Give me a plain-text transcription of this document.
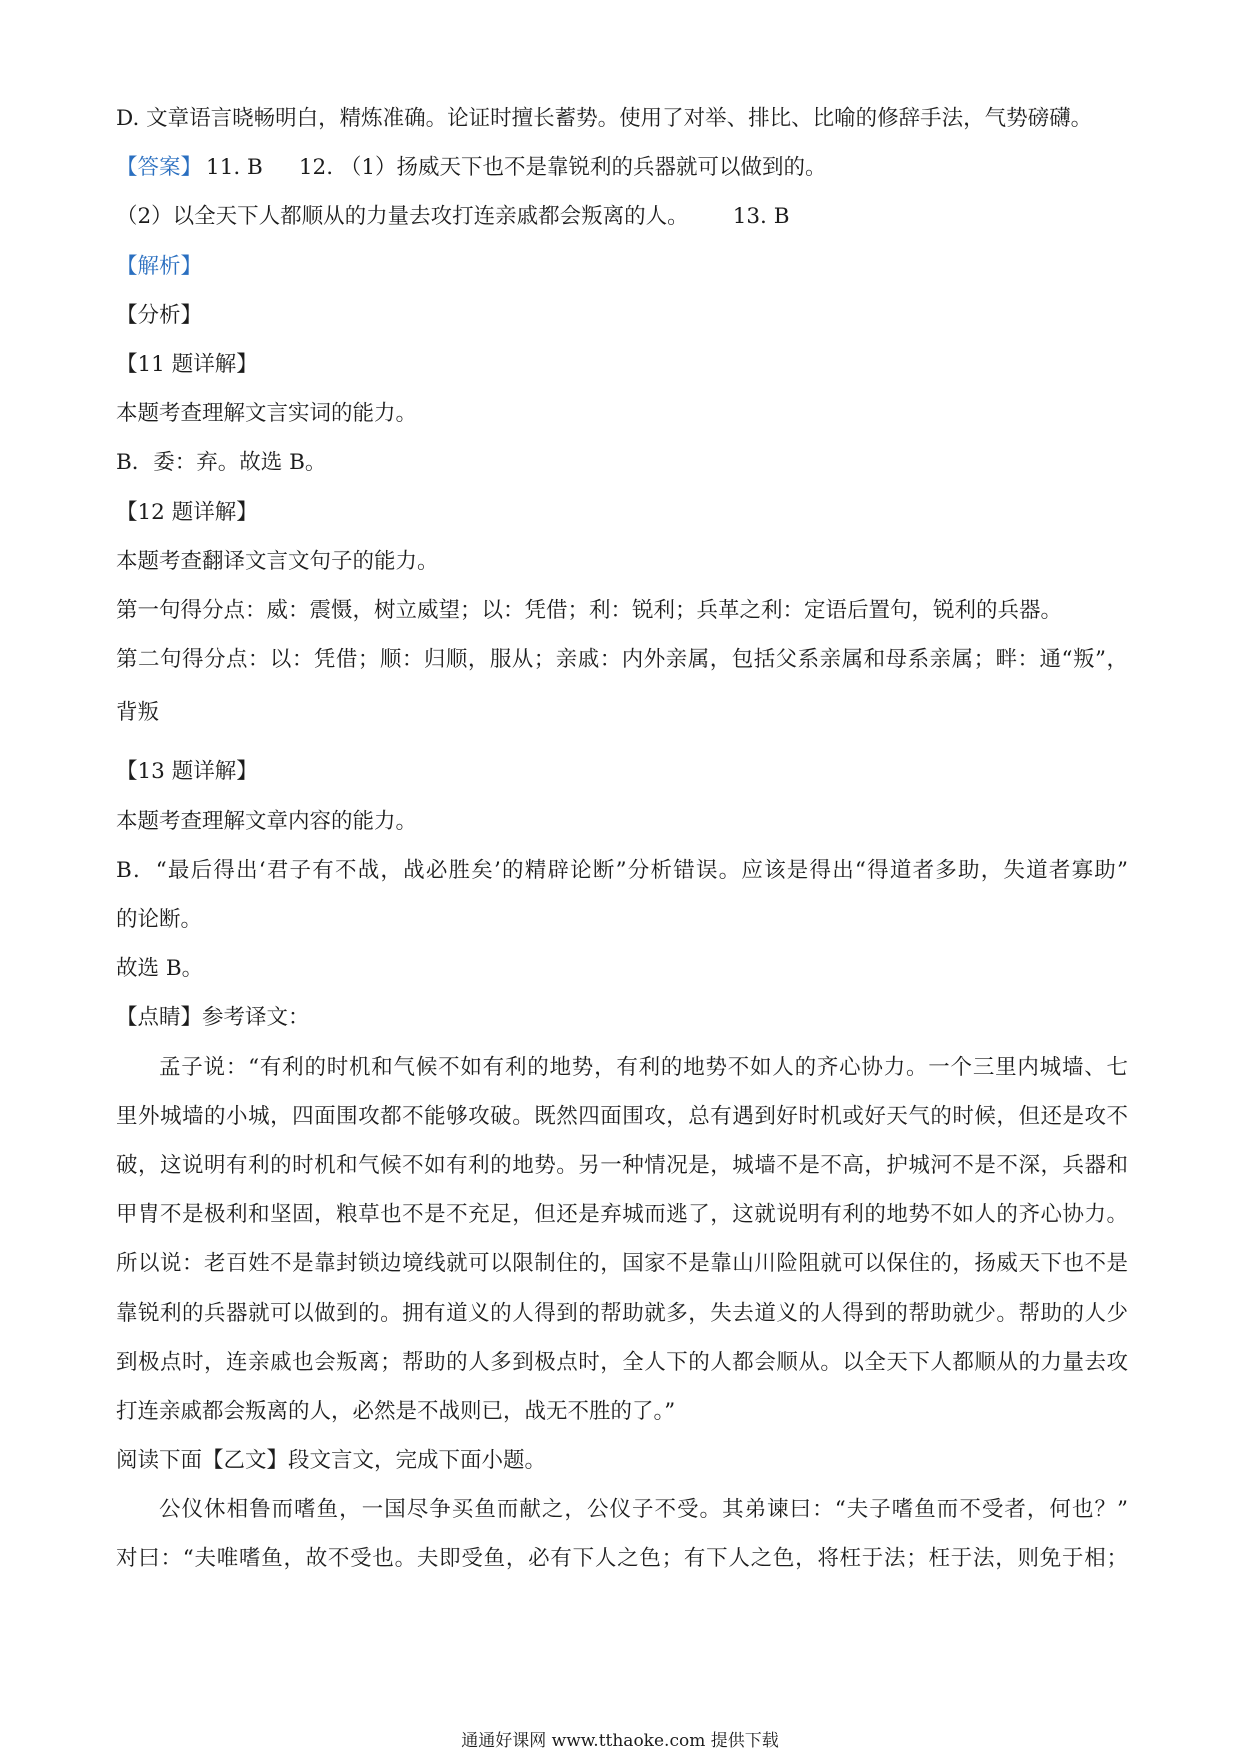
D. 文章语言晓畅明白，精炼准确。论证时擅长蓄势。使用了对举、排比、比喻的修辞手法，气势磅礴。
【答案】 11. B 12. （1）扬威天下也不是靠锐利的兵器就可以做到的。
（2）以全天下人都顺从的力量去攻打连亲戚都会叛离的人。 13. B
【解析】
【分析】
【11 题详解】
本题考查理解文言实词的能力。
B．委：弃。故选 B。
【12 题详解】
本题考查翻译文言文句子的能力。
第一句得分点：威：震慑，树立威望；以：凭借；利：锐利；兵革之利：定语后置句，锐利的兵器。
第二句得分点：以：凭借；顺：归顺，服从；亲戚：内外亲属，包括父系亲属和母系亲属；畔：通“叛”，
背叛
【13 题详解】
本题考查理解文章内容的能力。
B．“最后得出‘君子有不战，战必胜矣’的精辟论断”分析错误。应该是得出“得道者多助，失道者寡助”
的论断。
故选 B。
【点睛】参考译文：
孟子说：“有利的时机和气候不如有利的地势，有利的地势不如人的齐心协力。一个三里内城墙、七
里外城墙的小城，四面围攻都不能够攻破。既然四面围攻，总有遇到好时机或好天气的时候，但还是攻不
破，这说明有利的时机和气候不如有利的地势。另一种情况是，城墙不是不高，护城河不是不深，兵器和
甲胄不是极利和坚固，粮草也不是不充足，但还是弃城而逃了，这就说明有利的地势不如人的齐心协力。
所以说：老百姓不是靠封锁边境线就可以限制住的，国家不是靠山川险阻就可以保住的，扬威天下也不是
靠锐利的兵器就可以做到的。拥有道义的人得到的帮助就多，失去道义的人得到的帮助就少。帮助的人少
到极点时，连亲戚也会叛离；帮助的人多到极点时，全人下的人都会顺从。以全天下人都顺从的力量去攻
打连亲戚都会叛离的人，必然是不战则已，战无不胜的了。”
阅读下面【乙文】段文言文，完成下面小题。
公仪休相鲁而嗜鱼，一国尽争买鱼而献之，公仪子不受。其弟谏曰：“夫子嗜鱼而不受者，何也？”
对曰：“夫唯嗜鱼，故不受也。夫即受鱼，必有下人之色；有下人之色，将枉于法；枉于法，则免于相；
通通好课网 www.tthaoke.com 提供下载
